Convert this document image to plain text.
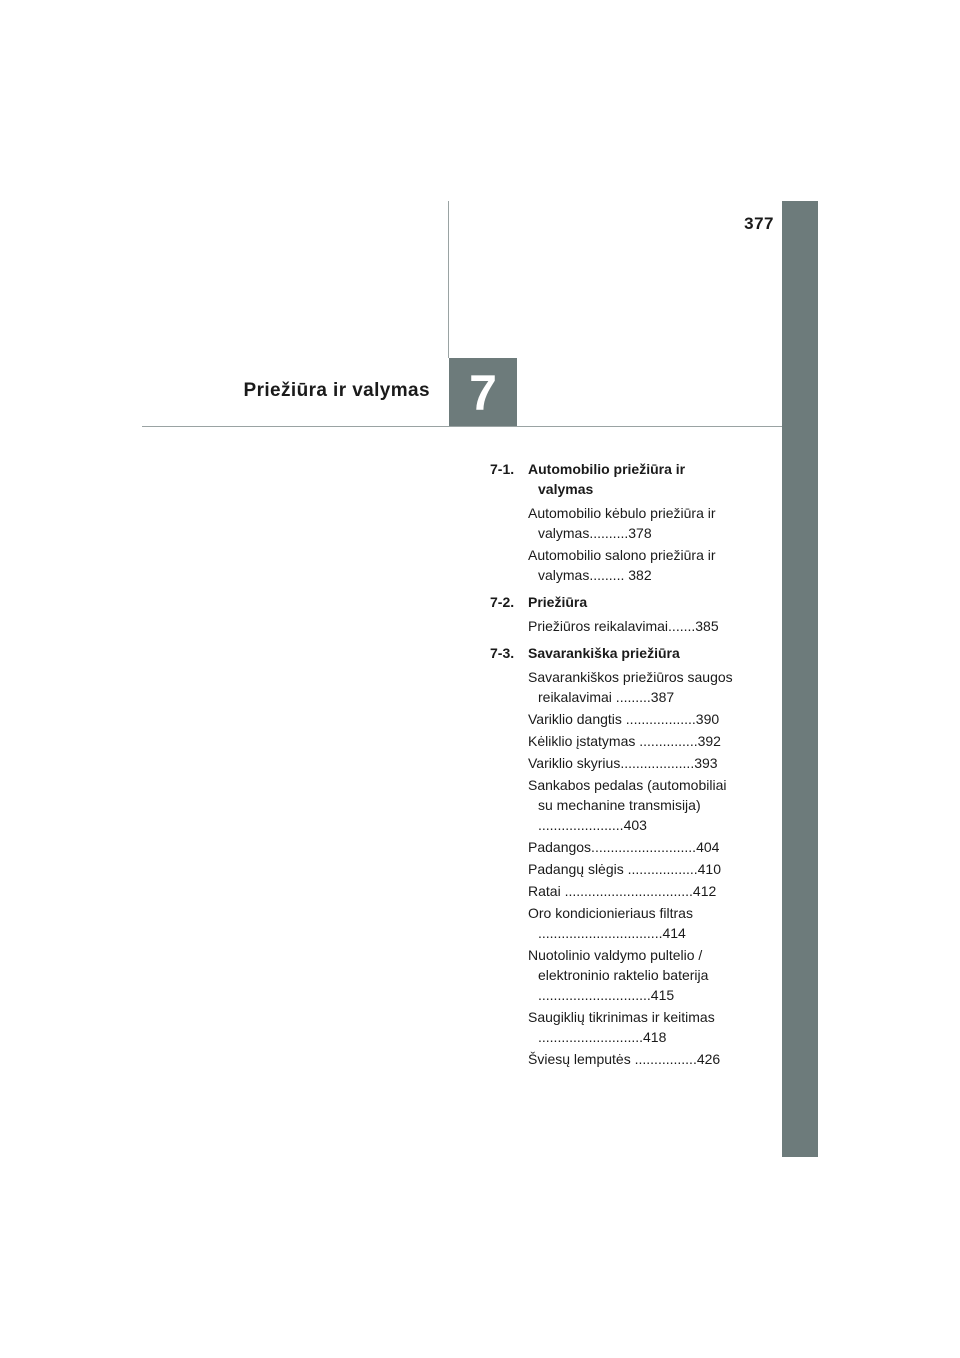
377
7
Priežiūra ir valymas
7-1. Automobilio priežiūra ir valymas
Automobilio kėbulo priežiūra ir valymas..........378
Automobilio salono priežiūra ir valymas......... 382
7-2. Priežiūra
Priežiūros reikalavimai.......385
7-3. Savarankiška priežiūra
Savarankiškos priežiūros saugos reikalavimai .........387
Variklio dangtis ..................390
Kėliklio įstatymas ...............392
Variklio skyrius...................393
Sankabos pedalas (automobiliai su mechanine transmisija) ......................403
Padangos...........................404
Padangų slėgis ..................410
Ratai .................................412
Oro kondicionieriaus filtras ................................414
Nuotolinio valdymo pultelio / elektroninio raktelio baterija .............................415
Saugiklių tikrinimas ir keitimas ...........................418
Šviesų lemputės ................426
